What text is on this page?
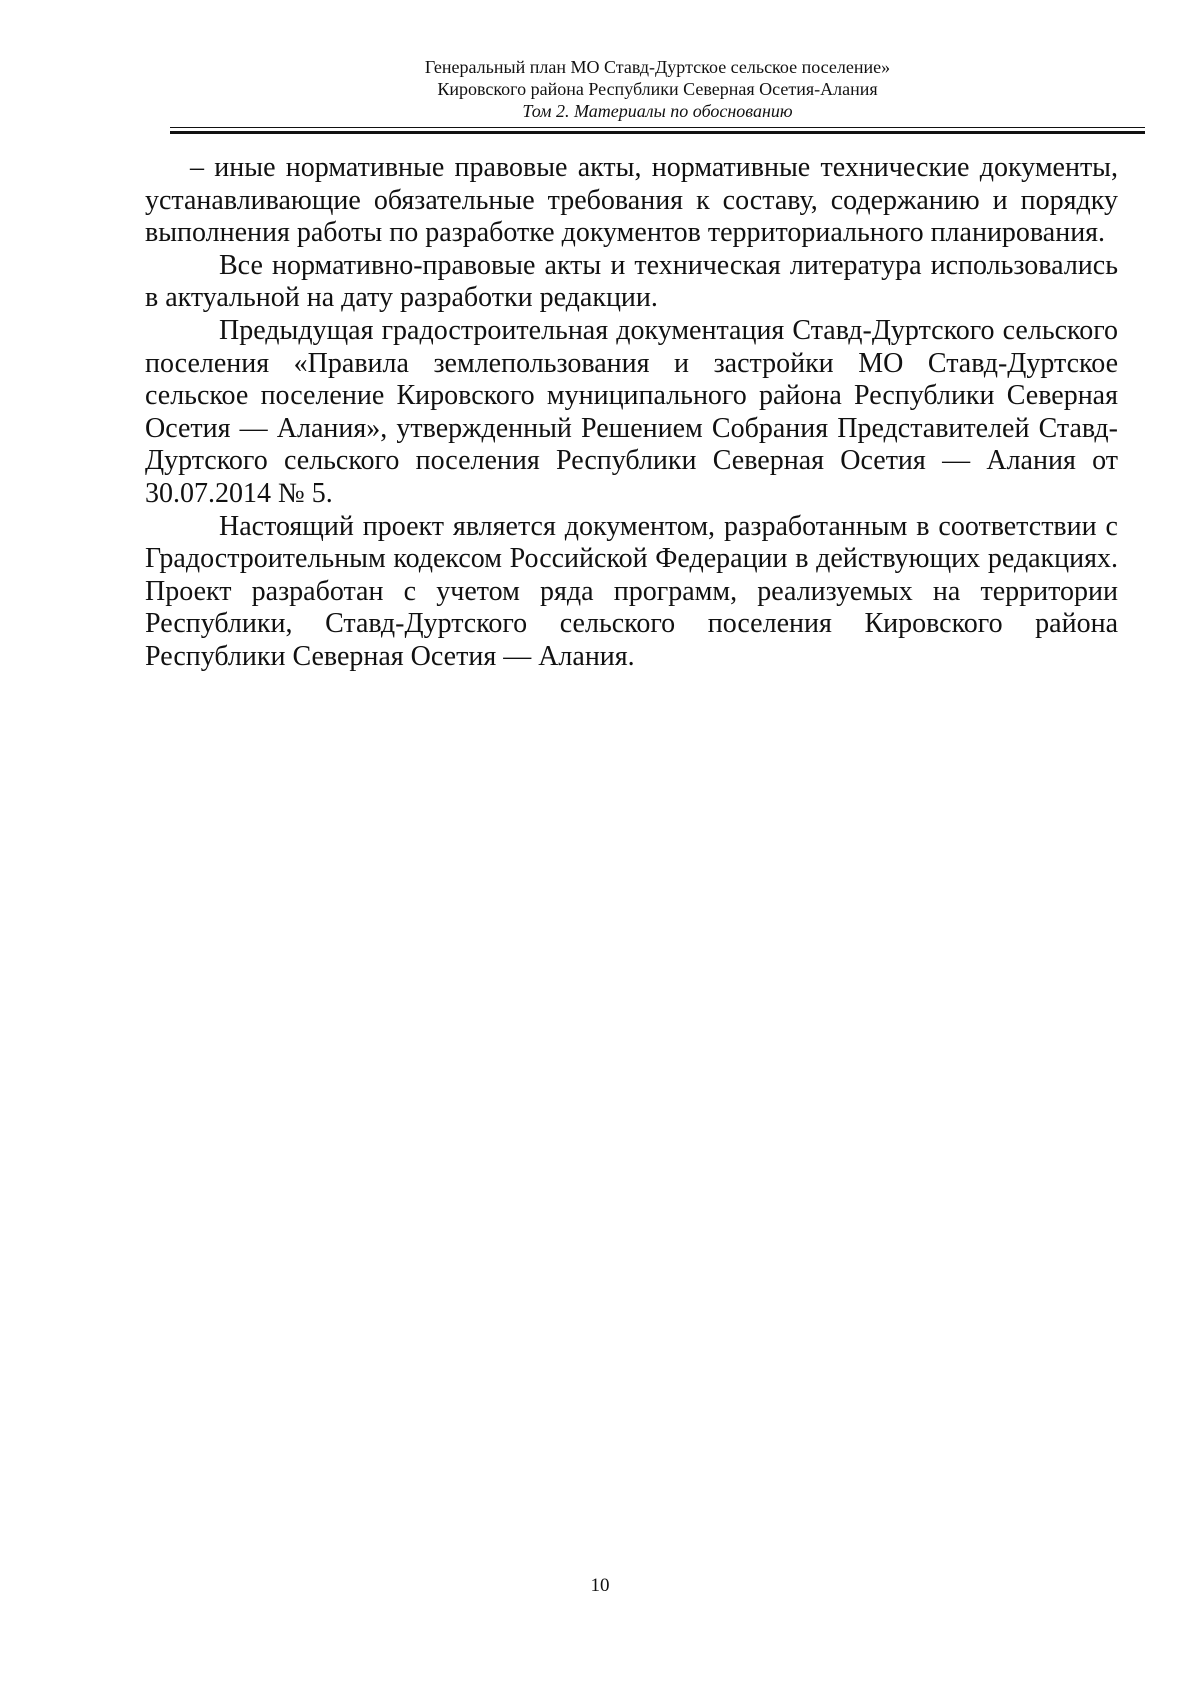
Генеральный план МО Ставд-Дуртское сельское поселение»
Кировского района Республики Северная Осетия-Алания
Том 2. Материалы по обоснованию

– иные нормативные правовые акты, нормативные технические документы, устанавливающие обязательные требования к составу, содержанию и порядку выполнения работы по разработке документов территориального планирования.

Все нормативно-правовые акты и техническая литература использовались в актуальной на дату разработки редакции.

Предыдущая градостроительная документация Ставд-Дуртского сельского поселения «Правила землепользования и застройки МО Ставд-Дуртское сельское поселение Кировского муниципального района Республики Северная Осетия — Алания», утвержденный Решением Собрания Представителей Ставд-Дуртского сельского поселения Республики Северная Осетия — Алания от 30.07.2014 № 5.

Настоящий проект является документом, разработанным в соответствии с Градостроительным кодексом Российской Федерации в действующих редакциях. Проект разработан с учетом ряда программ, реализуемых на территории Республики, Ставд-Дуртского сельского поселения Кировского района Республики Северная Осетия — Алания.

10
